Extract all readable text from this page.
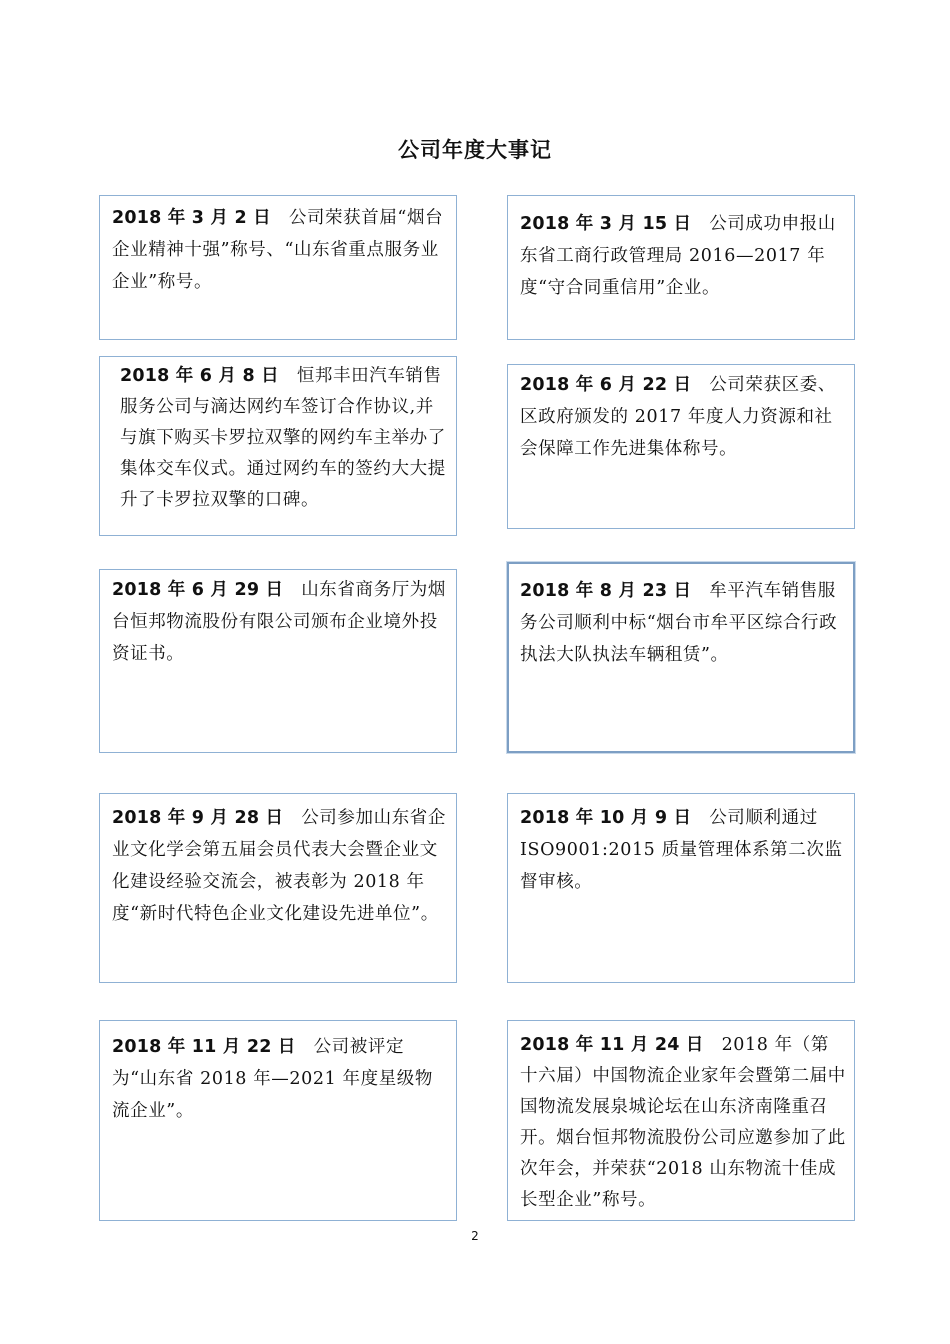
公司年度大事记
2018 年 3 月 2 日 公司荣获首届“烟台企业精神十强”称号、“山东省重点服务业企业”称号。
2018 年 3 月 15 日 公司成功申报山东省工商行政管理局 2016—2017 年度“守合同重信用”企业。
2018 年 6 月 8 日 恒邦丰田汽车销售服务公司与滴达网约车签订合作协议,并与旗下购买卡罗拉双擎的网约车主举办了集体交车仪式。通过网约车的签约大大提升了卡罗拉双擎的口碑。
2018 年 6 月 22 日 公司荣获区委、区政府颁发的 2017 年度人力资源和社会保障工作先进集体称号。
2018 年 6 月 29 日 山东省商务厅为烟台恒邦物流股份有限公司颁布企业境外投资证书。
2018 年 8 月 23 日 牟平汽车销售服务公司顺利中标“烟台市牟平区综合行政执法大队执法车辆租赁”。
2018 年 9 月 28 日 公司参加山东省企业文化学会第五届会员代表大会暨企业文化建设经验交流会，被表彰为 2018 年度“新时代特色企业文化建设先进单位”。
2018 年 10 月 9 日 公司顺利通过 ISO9001:2015 质量管理体系第二次监督审核。
2018 年 11 月 22 日 公司被评定为“山东省 2018 年—2021 年度星级物流企业”。
2018 年 11 月 24 日 2018 年（第十六届）中国物流企业家年会暨第二届中国物流发展泉城论坛在山东济南隆重召开。烟台恒邦物流股份公司应邀参加了此次年会，并荣获“2018 山东物流十佳成长型企业”称号。
2
